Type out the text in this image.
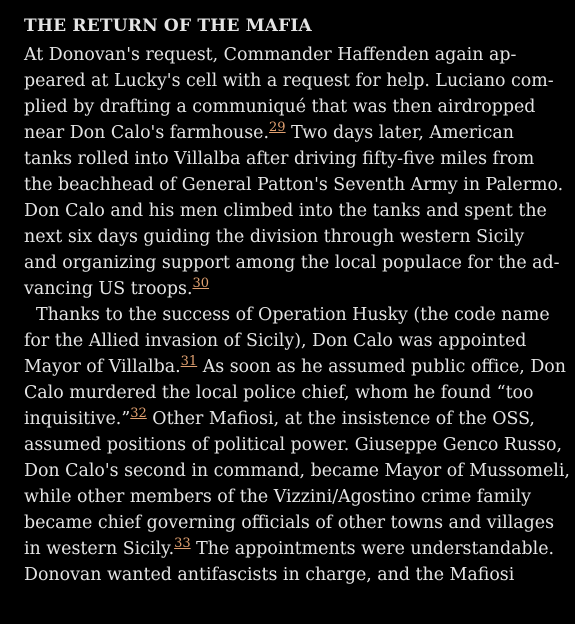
THE RETURN OF THE MAFIA
At Donovan's request, Commander Haffenden again ap-
peared at Lucky's cell with a request for help. Luciano com-
plied by drafting a communiqué that was then airdropped
near Don Calo's farmhouse.$^{29}$ Two days later, American
tanks rolled into Villalba after driving fifty-five miles from
the beachhead of General Patton's Seventh Army in Palermo.
Don Calo and his men climbed into the tanks and spent the
next six days guiding the division through western Sicily
and organizing support among the local populace for the ad-
vancing US troops.$^{30}$
Thanks to the success of Operation Husky (the code name
for the Allied invasion of Sicily), Don Calo was appointed
Mayor of Villalba.$^{31}$ As soon as he assumed public office, Don
Calo murdered the local police chief, whom he found “too
inquisitive.”$^{32}$ Other Mafiosi, at the insistence of the OSS,
assumed positions of political power. Giuseppe Genco Russo,
Don Calo's second in command, became Mayor of Mussomeli,
while other members of the Vizzini/Agostino crime family
became chief governing officials of other towns and villages
in western Sicily.$^{33}$ The appointments were understandable.
Donovan wanted antifascists in charge, and the Mafiosi
